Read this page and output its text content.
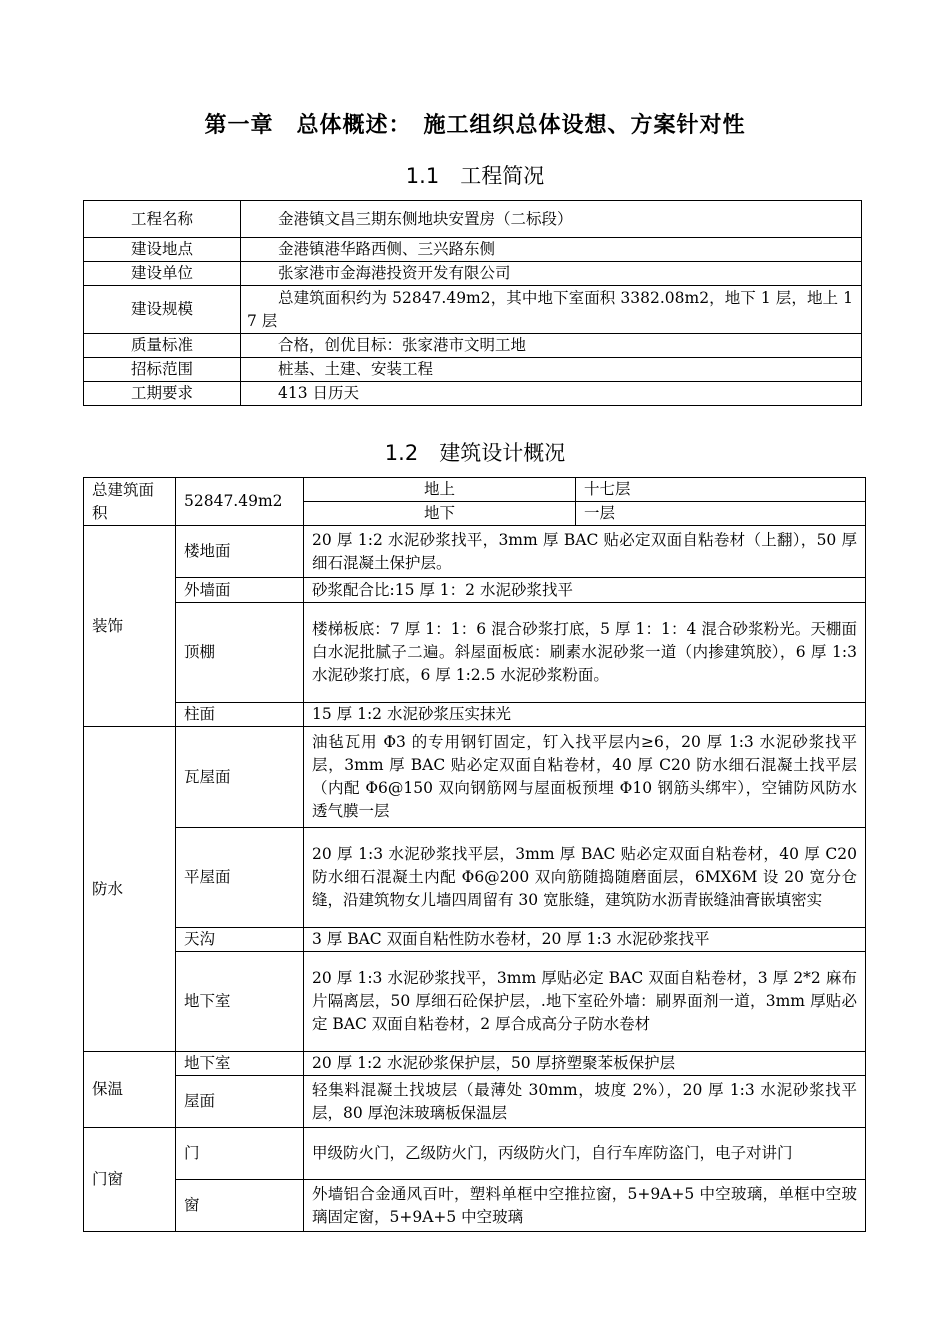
第一章　总体概述：　施工组织总体设想、方案针对性
1.1　工程简况
工程名称	金港镇文昌三期东侧地块安置房（二标段）
建设地点	金港镇港华路西侧、三兴路东侧
建设单位	张家港市金海港投资开发有限公司
建设规模	总建筑面积约为 52847.49m2，其中地下室面积 3382.08m2，地下 1 层，地上 17 层
质量标准	合格，创优目标：张家港市文明工地
招标范围	桩基、土建、安装工程
工期要求	413 日历天
1.2　建筑设计概况
总建筑面积	52847.49m2	地上	十七层
		地下	一层
装饰	楼地面	20 厚 1:2 水泥砂浆找平，3mm 厚 BAC 贴必定双面自粘卷材（上翻），50 厚细石混凝土保护层。	
	外墙面	砂浆配合比:15 厚 1：2 水泥砂浆找平	
	顶棚	楼梯板底：7 厚 1：1：6 混合砂浆打底，5 厚 1：1：4 混合砂浆粉光。天棚面白水泥批腻子二遍。斜屋面板底：刷素水泥砂浆一道（内掺建筑胶），6 厚 1:3 水泥砂浆打底，6 厚 1:2.5 水泥砂浆粉面。	
	柱面	15 厚 1:2 水泥砂浆压实抹光	
防水	瓦屋面	油毡瓦用 Φ3 的专用钢钉固定，钉入找平层内≥6，20 厚 1:3 水泥砂浆找平层，3mm 厚 BAC 贴必定双面自粘卷材，40 厚 C20 防水细石混凝土找平层（内配 Φ6@150 双向钢筋网与屋面板预埋 Φ10 钢筋头绑牢），空铺防风防水透气膜一层	
	平屋面	20 厚 1:3 水泥砂浆找平层，3mm 厚 BAC 贴必定双面自粘卷材，40 厚 C20 防水细石混凝土内配 Φ6@200 双向筋随捣随磨面层，6MX6M 设 20 宽分仓缝，沿建筑物女儿墙四周留有 30 宽胀缝，建筑防水沥青嵌缝油膏嵌填密实	
	天沟	3 厚 BAC 双面自粘性防水卷材，20 厚 1:3 水泥砂浆找平	
	地下室	20 厚 1:3 水泥砂浆找平，3mm 厚贴必定 BAC 双面自粘卷材，3 厚 2*2 麻布片隔离层，50 厚细石砼保护层，.地下室砼外墙：刷界面剂一道，3mm 厚贴必定 BAC 双面自粘卷材，2 厚合成高分子防水卷材	
保温	地下室	20 厚 1:2 水泥砂浆保护层，50 厚挤塑聚苯板保护层	
	屋面	轻集料混凝土找坡层（最薄处 30mm，坡度 2%），20 厚 1:3 水泥砂浆找平层，80 厚泡沫玻璃板保温层	
门窗	门	甲级防火门，乙级防火门，丙级防火门，自行车库防盗门，电子对讲门	
	窗	外墙铝合金通风百叶，塑料单框中空推拉窗，5+9A+5 中空玻璃，单框中空玻璃固定窗，5+9A+5 中空玻璃	
